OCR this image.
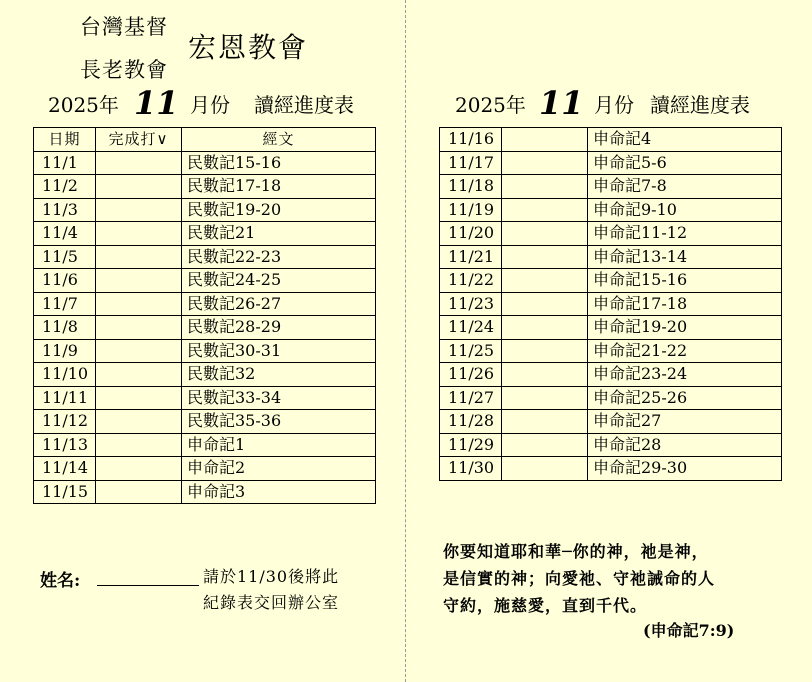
台灣基督
長老教會
宏恩教會
2025年 11 月份 讀經進度表	2025年 11 月份 讀經進度表
日期	完成打∨	經文
11/1		民數記15-16
11/2		民數記17-18
11/3		民數記19-20
11/4		民數記21
11/5		民數記22-23
11/6		民數記24-25
11/7		民數記26-27
11/8		民數記28-29
11/9		民數記30-31
11/10		民數記32
11/11		民數記33-34
11/12		民數記35-36
11/13		申命記1
11/14		申命記2
11/15		申命記3
11/16		申命記4
11/17		申命記5-6
11/18		申命記7-8
11/19		申命記9-10
11/20		申命記11-12
11/21		申命記13-14
11/22		申命記15-16
11/23		申命記17-18
11/24		申命記19-20
11/25		申命記21-22
11/26		申命記23-24
11/27		申命記25-26
11/28		申命記27
11/29		申命記28
11/30		申命記29-30
姓名:	請於11/30後將此
紀錄表交回辦公室
你要知道耶和華─你的神，祂是神，
是信實的神；向愛祂、守祂誡命的人
守約，施慈愛，直到千代。
(申命記7:9)
